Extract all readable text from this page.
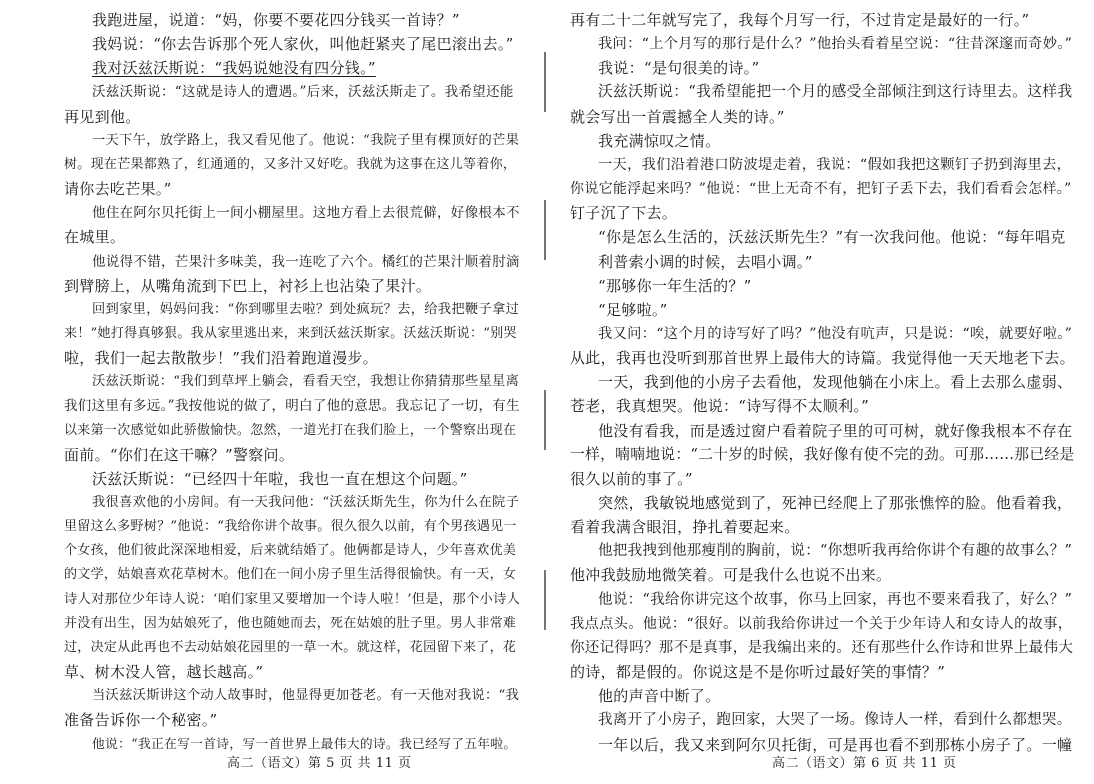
我跑进屋，说道：“妈，你要不要花四分钱买一首诗？”
我妈说：“你去告诉那个死人家伙，叫他赶紧夹了尾巴滚出去。”
我对沃兹沃斯说：“我妈说她没有四分钱。”
沃兹沃斯说：“这就是诗人的遭遇。”后来，沃兹沃斯走了。我希望还能
再见到他。
一天下午，放学路上，我又看见他了。他说：“我院子里有棵顶好的芒果
树。现在芒果都熟了，红通通的，又多汁又好吃。我就为这事在这儿等着你，
请你去吃芒果。”
他住在阿尔贝托街上一间小棚屋里。这地方看上去很荒僻，好像根本不
在城里。
他说得不错，芒果汁多味美，我一连吃了六个。橘红的芒果汁顺着肘滴
到臂膀上，从嘴角流到下巴上，衬衫上也沾染了果汁。
回到家里，妈妈问我：“你到哪里去啦？到处疯玩？去，给我把鞭子拿过
来！”她打得真够狠。我从家里逃出来，来到沃兹沃斯家。沃兹沃斯说：“别哭
啦，我们一起去散散步！”我们沿着跑道漫步。
沃兹沃斯说：“我们到草坪上躺会，看看天空，我想让你猜猜那些星星离
我们这里有多远。”我按他说的做了，明白了他的意思。我忘记了一切，有生
以来第一次感觉如此骄傲愉快。忽然，一道光打在我们脸上，一个警察出现在
面前。“你们在这干嘛？”警察问。
沃兹沃斯说：“已经四十年啦，我也一直在想这个问题。”
我很喜欢他的小房间。有一天我问他：“沃兹沃斯先生，你为什么在院子
里留这么多野树？”他说：“我给你讲个故事。很久很久以前，有个男孩遇见一
个女孩，他们彼此深深地相爱，后来就结婚了。他俩都是诗人，少年喜欢优美
的文学，姑娘喜欢花草树木。他们在一间小房子里生活得很愉快。有一天，女
诗人对那位少年诗人说：‘咱们家里又要增加一个诗人啦！’但是，那个小诗人
并没有出生，因为姑娘死了，他也随她而去，死在姑娘的肚子里。男人非常难
过，决定从此再也不去动姑娘花园里的一草一木。就这样，花园留下来了，花
草、树木没人管，越长越高。”
当沃兹沃斯讲这个动人故事时，他显得更加苍老。有一天他对我说：“我
准备告诉你一个秘密。”
他说：“我正在写一首诗，写一首世界上最伟大的诗。我已经写了五年啦。
高二（语文）第 5 页 共 11 页
再有二十二年就写完了，我每个月写一行，不过肯定是最好的一行。”
我问：“上个月写的那行是什么？”他抬头看着星空说：“往昔深邃而奇妙。”
我说：“是句很美的诗。”
沃兹沃斯说：“我希望能把一个月的感受全部倾注到这行诗里去。这样我
就会写出一首震撼全人类的诗。”
我充满惊叹之情。
一天，我们沿着港口防波堤走着，我说：“假如我把这颗钉子扔到海里去，
你说它能浮起来吗？”他说：“世上无奇不有，把钉子丢下去，我们看看会怎样。”
钉子沉了下去。
“你是怎么生活的，沃兹沃斯先生？”有一次我问他。他说：“每年唱克
利普索小调的时候，去唱小调。”
“那够你一年生活的？”
“足够啦。”
我又问：“这个月的诗写好了吗？”他没有吭声，只是说：“唉，就要好啦。”
从此，我再也没听到那首世界上最伟大的诗篇。我觉得他一天天地老下去。
一天，我到他的小房子去看他，发现他躺在小床上。看上去那么虚弱、
苍老，我真想哭。他说：“诗写得不太顺利。”
他没有看我，而是透过窗户看着院子里的可可树，就好像我根本不存在
一样，喃喃地说：“二十岁的时候，我好像有使不完的劲。可那……那已经是
很久以前的事了。”
突然，我敏锐地感觉到了，死神已经爬上了那张憔悴的脸。他看着我，
看着我满含眼泪，挣扎着要起来。
他把我拽到他那瘦削的胸前，说：“你想听我再给你讲个有趣的故事么？”
他冲我鼓励地微笑着。可是我什么也说不出来。
他说：“我给你讲完这个故事，你马上回家，再也不要来看我了，好么？”
我点点头。他说：“很好。以前我给你讲过一个关于少年诗人和女诗人的故事，
你还记得吗？那不是真事，是我编出来的。还有那些什么作诗和世界上最伟大
的诗，都是假的。你说这是不是你听过最好笑的事情？”
他的声音中断了。
我离开了小房子，跑回家，大哭了一场。像诗人一样，看到什么都想哭。
一年以后，我又来到阿尔贝托街，可是再也看不到那栋小房子了。一幢
高二（语文）第 6 页 共 11 页
